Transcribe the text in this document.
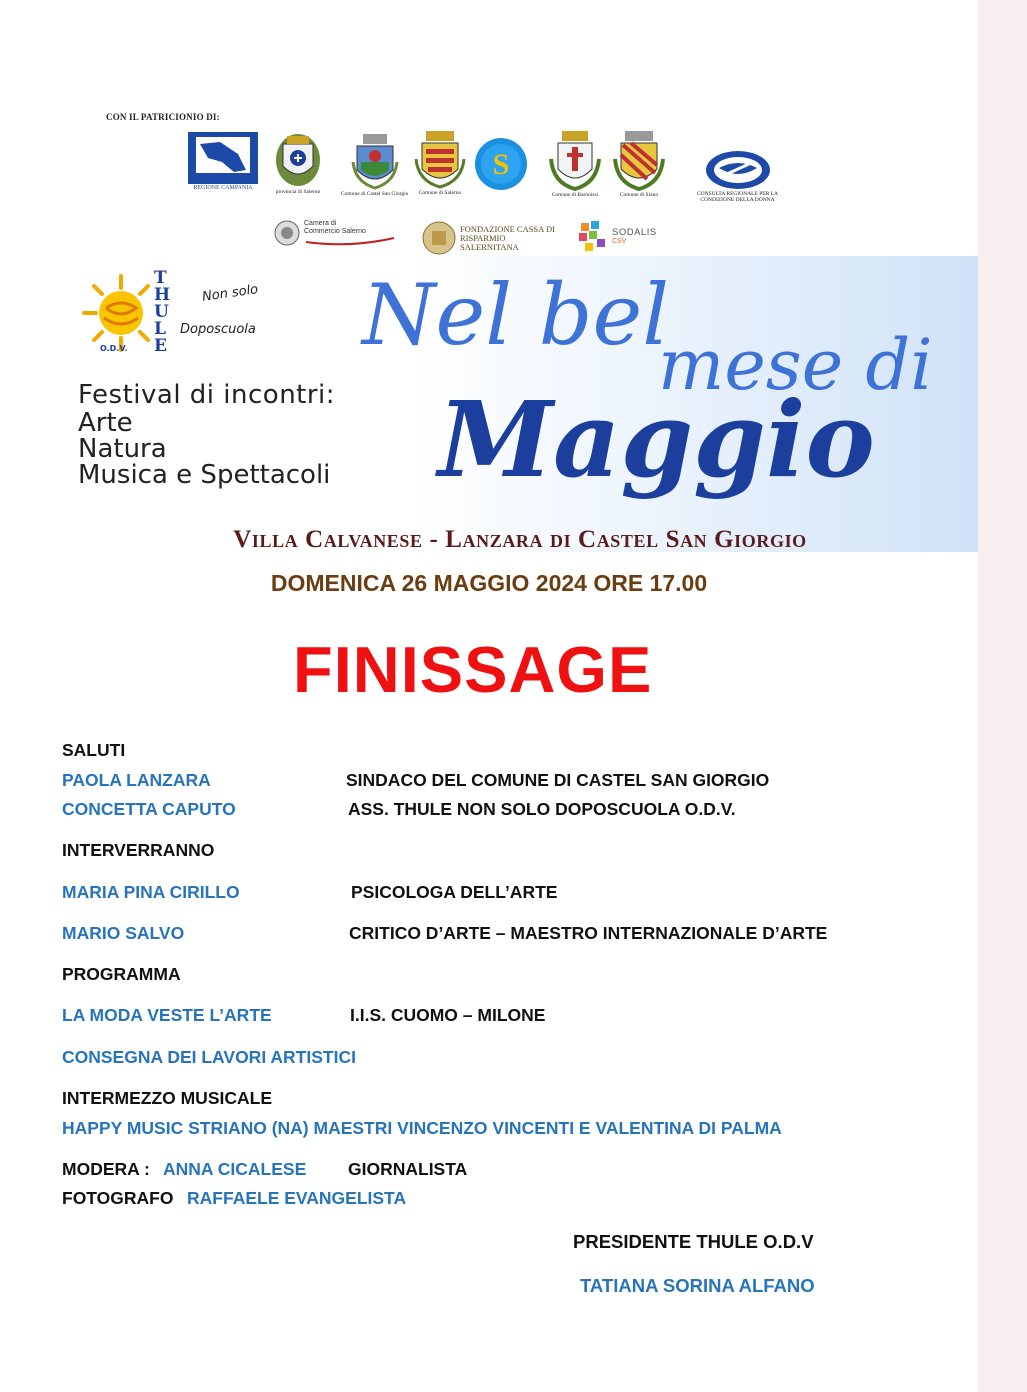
CON IL PATRICIONIO DI:
REGIONE CAMPANIA
provincia di Salerno	Comune di Castel San Giorgio Comune di Salerno
S
Comune di Baronissi	Comune di Siano	CONSULTA REGIONALE PER LA CONDIZIONE DELLA DONNA
Camera di Commercio Salerno	FONDAZIONE CASSA DI RISPARMIO SALERNITANA
SODALIS
CSV
THULE
Non solo
Doposcuola
O.D.V.
Festival di incontri:
Arte
Natura
Musica e Spettacoli
Nel bel
mese di
Maggio
Villa Calvanese - Lanzara di Castel San Giorgio
DOMENICA 26 MAGGIO 2024 ORE 17.00
FINISSAGE
SALUTI
PAOLA LANZARA	SINDACO DEL COMUNE DI CASTEL SAN GIORGIO
CONCETTA CAPUTO	ASS. THULE NON SOLO DOPOSCUOLA O.D.V.
INTERVERRANNO
MARIA PINA CIRILLO	PSICOLOGA DELL’ARTE
MARIO SALVO	CRITICO D’ARTE – MAESTRO INTERNAZIONALE D’ARTE
PROGRAMMA
LA MODA VESTE L’ARTE	I.I.S. CUOMO – MILONE
CONSEGNA DEI LAVORI ARTISTICI
INTERMEZZO MUSICALE
HAPPY MUSIC STRIANO (NA) MAESTRI VINCENZO VINCENTI E VALENTINA DI PALMA
MODERA : ANNA CICALESE GIORNALISTA
FOTOGRAFO RAFFAELE EVANGELISTA
PRESIDENTE THULE O.D.V
TATIANA SORINA ALFANO
